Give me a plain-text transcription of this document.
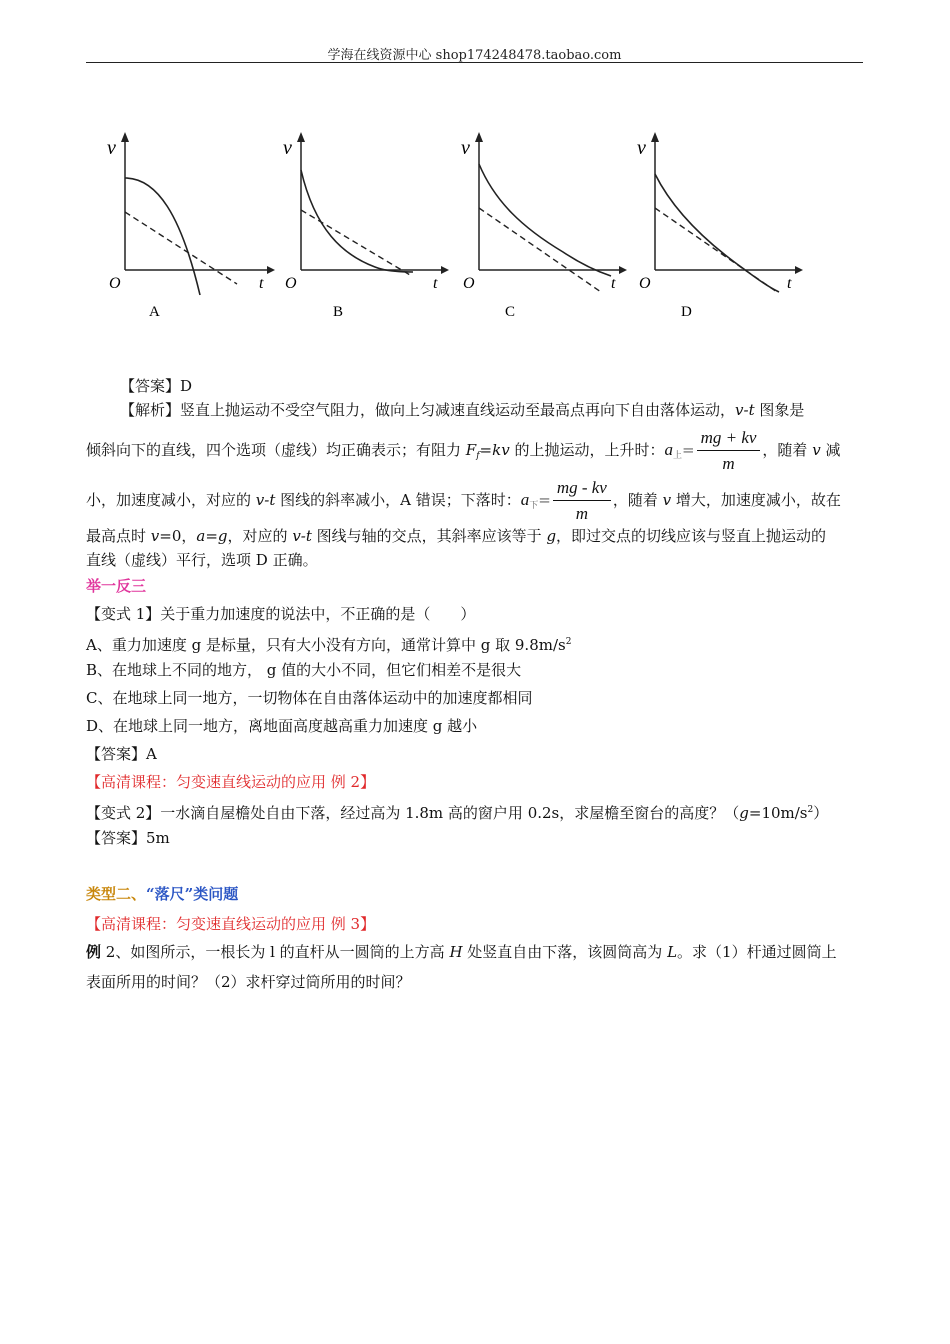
学海在线资源中心 shop174248478.taobao.com
v
O	t
A
v
O	t
B
v
O	t
C
v
O	t
D
【答案】D
【解析】竖直上抛运动不受空气阻力，做向上匀减速直线运动至最高点再向下自由落体运动，v-t 图象是
倾斜向下的直线，四个选项（虚线）均正确表示；有阻力 $F_f=kv$ 的上抛运动，上升时：$a_上= \frac{mg + kv}{m}$ ，随着 v 减
小，加速度减小，对应的 v-t 图线的斜率减小，A 错误；下落时：$a_下= \frac{mg - kv}{m}$ ，随着 v 增大，加速度减小，故在
最高点时 v=0，a=g，对应的 v-t 图线与轴的交点，其斜率应该等于 g，即过交点的切线应该与竖直上抛运动的
直线（虚线）平行，选项 D 正确。
举一反三
【变式 1】关于重力加速度的说法中，不正确的是（　　）
A、重力加速度 g 是标量，只有大小没有方向，通常计算中 g 取 $9.8m/s^2$
B、在地球上不同的地方， g 值的大小不同，但它们相差不是很大
C、在地球上同一地方，一切物体在自由落体运动中的加速度都相同
D、在地球上同一地方，离地面高度越高重力加速度 g 越小
【答案】A
【高清课程：匀变速直线运动的应用 例 2】
【变式 2】一水滴自屋檐处自由下落，经过高为 1.8m 高的窗户用 0.2s，求屋檐至窗台的高度？$(g=10m/s^2)$
【答案】5m
类型二、“落尺”类问题
【高清课程：匀变速直线运动的应用 例 3】
例 2、如图所示，一根长为 l 的直杆从一圆筒的上方高 H 处竖直自由下落，该圆筒高为 L。求（1）杆通过圆筒上
表面所用的时间？（2）求杆穿过筒所用的时间？
